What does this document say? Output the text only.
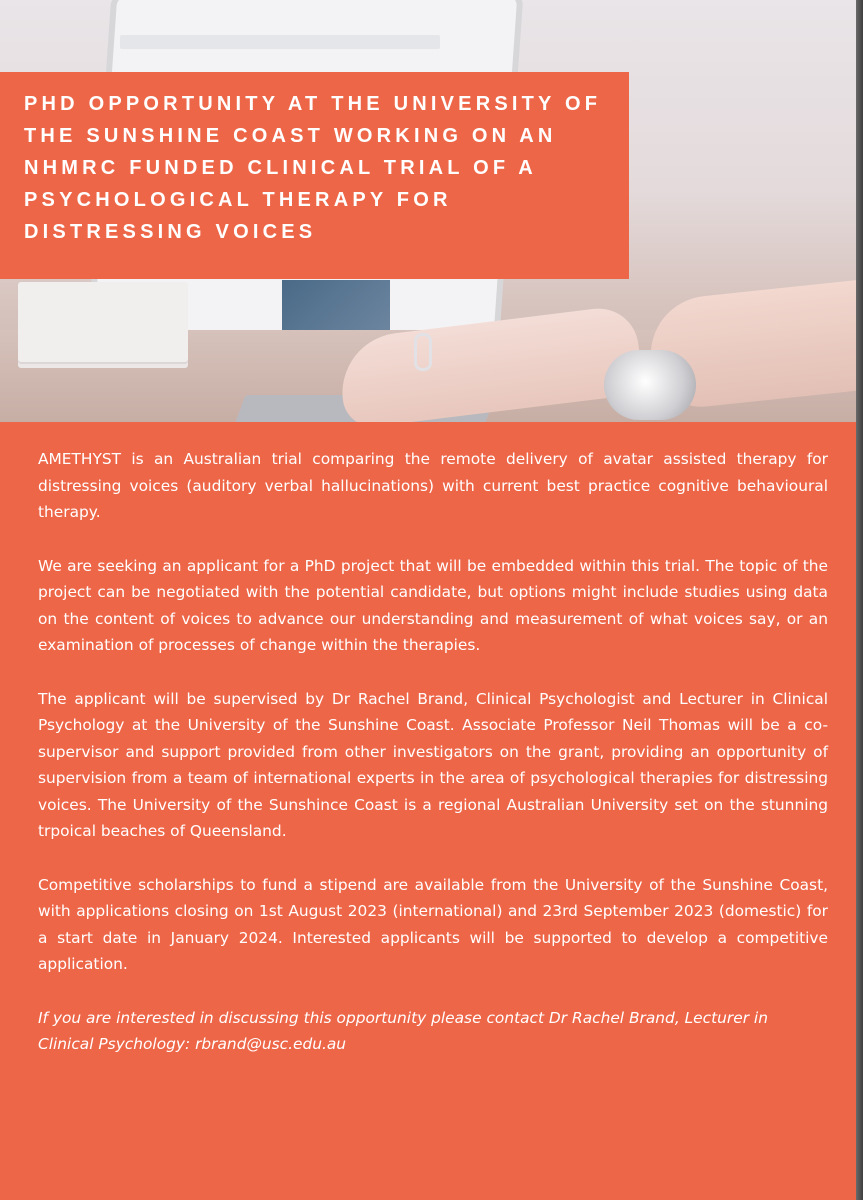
PHD OPPORTUNITY AT THE UNIVERSITY OF THE SUNSHINE COAST WORKING ON AN NHMRC FUNDED CLINICAL TRIAL OF A PSYCHOLOGICAL THERAPY FOR DISTRESSING VOICES

AMETHYST is an Australian trial comparing the remote delivery of avatar assisted therapy for distressing voices (auditory verbal hallucinations) with current best practice cognitive behavioural therapy.

We are seeking an applicant for a PhD project that will be embedded within this trial. The topic of the project can be negotiated with the potential candidate, but options might include studies using data on the content of voices to advance our understanding and measurement of what voices say, or an examination of processes of change within the therapies.

The applicant will be supervised by Dr Rachel Brand, Clinical Psychologist and Lecturer in Clinical Psychology at the University of the Sunshine Coast. Associate Professor Neil Thomas will be a co-supervisor and support provided from other investigators on the grant, providing an opportunity of supervision from a team of international experts in the area of psychological therapies for distressing voices. The University of the Sunshince Coast is a regional Australian University set on the stunning trpoical beaches of Queensland.

Competitive scholarships to fund a stipend are available from the University of the Sunshine Coast, with applications closing on 1st August 2023 (international) and 23rd September 2023 (domestic) for a start date in January 2024. Interested applicants will be supported to develop a competitive application.

If you are interested in discussing this opportunity please contact Dr Rachel Brand, Lecturer in Clinical Psychology: rbrand@usc.edu.au
